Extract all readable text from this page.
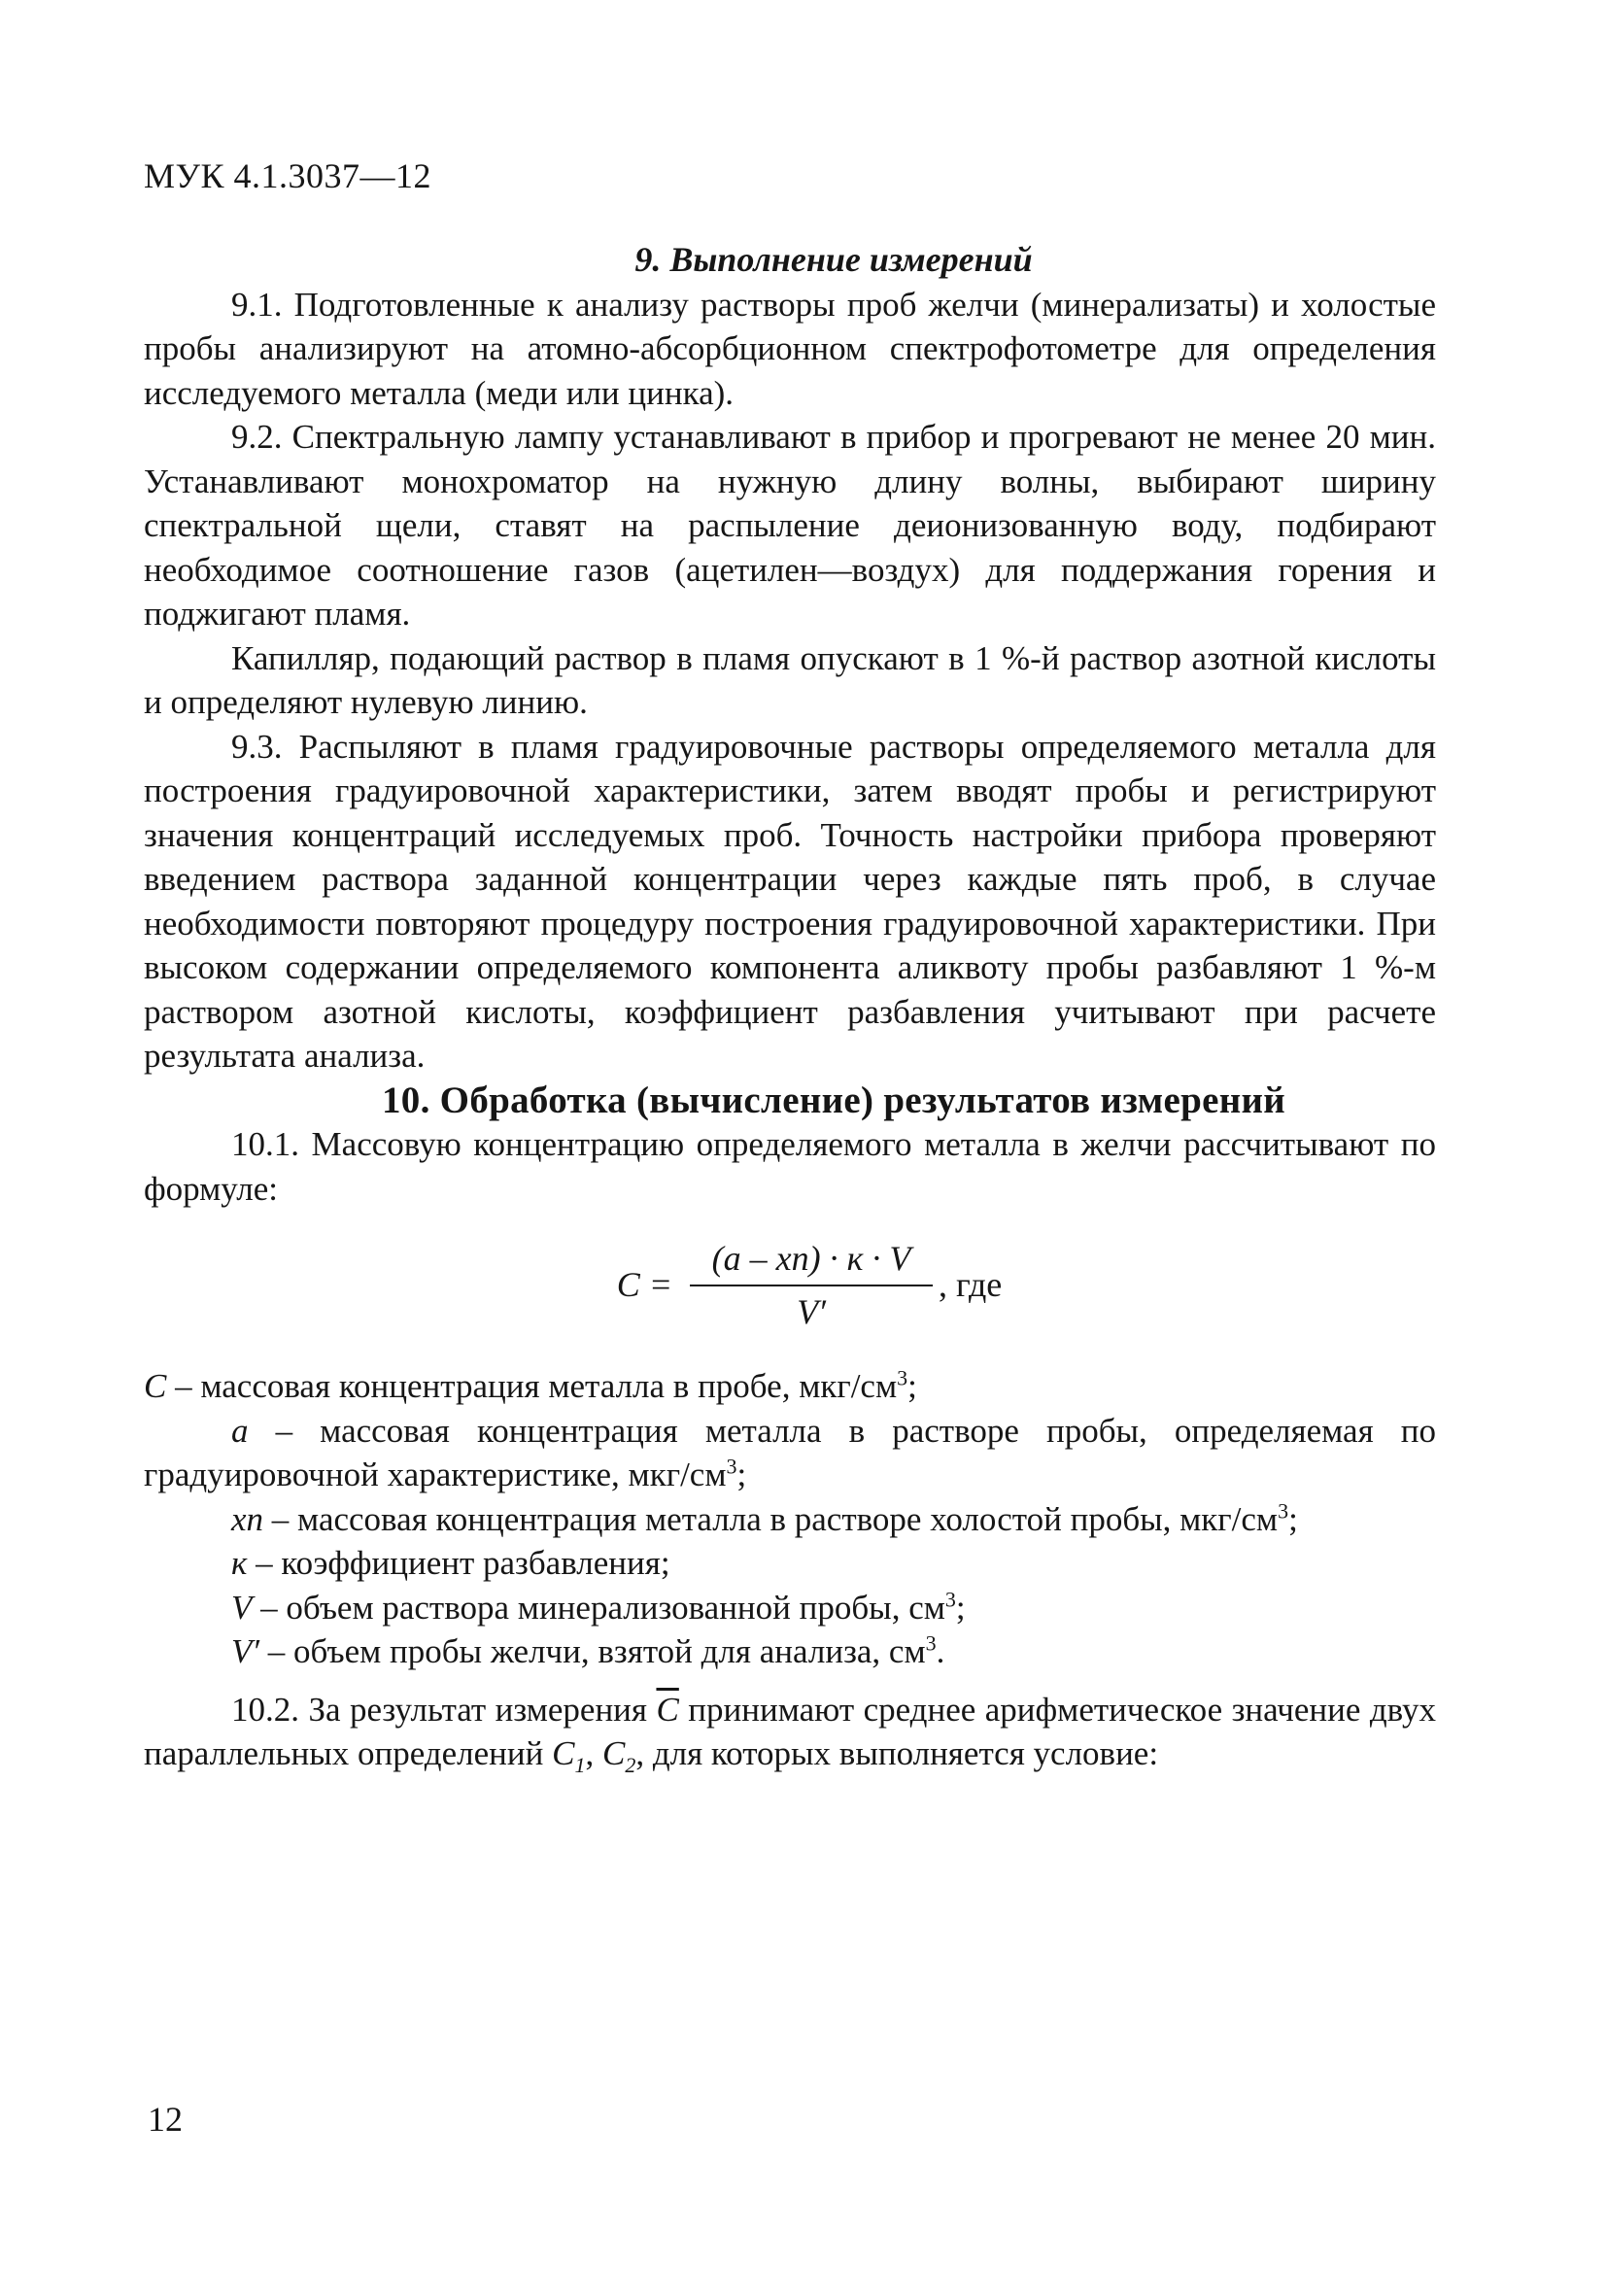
МУК 4.1.3037—12

9. Выполнение измерений

9.1. Подготовленные к анализу растворы проб желчи (минерализаты) и холостые пробы анализируют на атомно-абсорбционном спектрофотометре для определения исследуемого металла (меди или цинка).

9.2. Спектральную лампу устанавливают в прибор и прогревают не менее 20 мин. Устанавливают монохроматор на нужную длину волны, выбирают ширину спектральной щели, ставят на распыление деионизованную воду, подбирают необходимое соотношение газов (ацетилен—воздух) для поддержания горения и поджигают пламя.

Капилляр, подающий раствор в пламя опускают в 1 %-й раствор азотной кислоты и определяют нулевую линию.

9.3. Распыляют в пламя градуировочные растворы определяемого металла для построения градуировочной характеристики, затем вводят пробы и регистрируют значения концентраций исследуемых проб. Точность настройки прибора проверяют введением раствора заданной концентрации через каждые пять проб, в случае необходимости повторяют процедуру построения градуировочной характеристики. При высоком содержании определяемого компонента аликвоту пробы разбавляют 1 %-м раствором азотной кислоты, коэффициент разбавления учитывают при расчете результата анализа.

10. Обработка (вычисление) результатов измерений

10.1. Массовую концентрацию определяемого металла в желчи рассчитывают по формуле:

$C = \frac{(a - xn) \cdot к \cdot V}{V'}$ , где

C – массовая концентрация металла в пробе, мкг/$см^3$;

a – массовая концентрация металла в растворе пробы, определяемая по градуировочной характеристике, мкг/$см^3$;

xn – массовая концентрация металла в растворе холостой пробы, мкг/$см^3$;

к – коэффициент разбавления;

V – объем раствора минерализованной пробы, $см^3$;

V′ – объем пробы желчи, взятой для анализа, $см^3$.

10.2. За результат измерения $\overline{C}$ принимают среднее арифметическое значение двух параллельных определений $C_1$, $C_2$, для которых выполняется условие:

12
